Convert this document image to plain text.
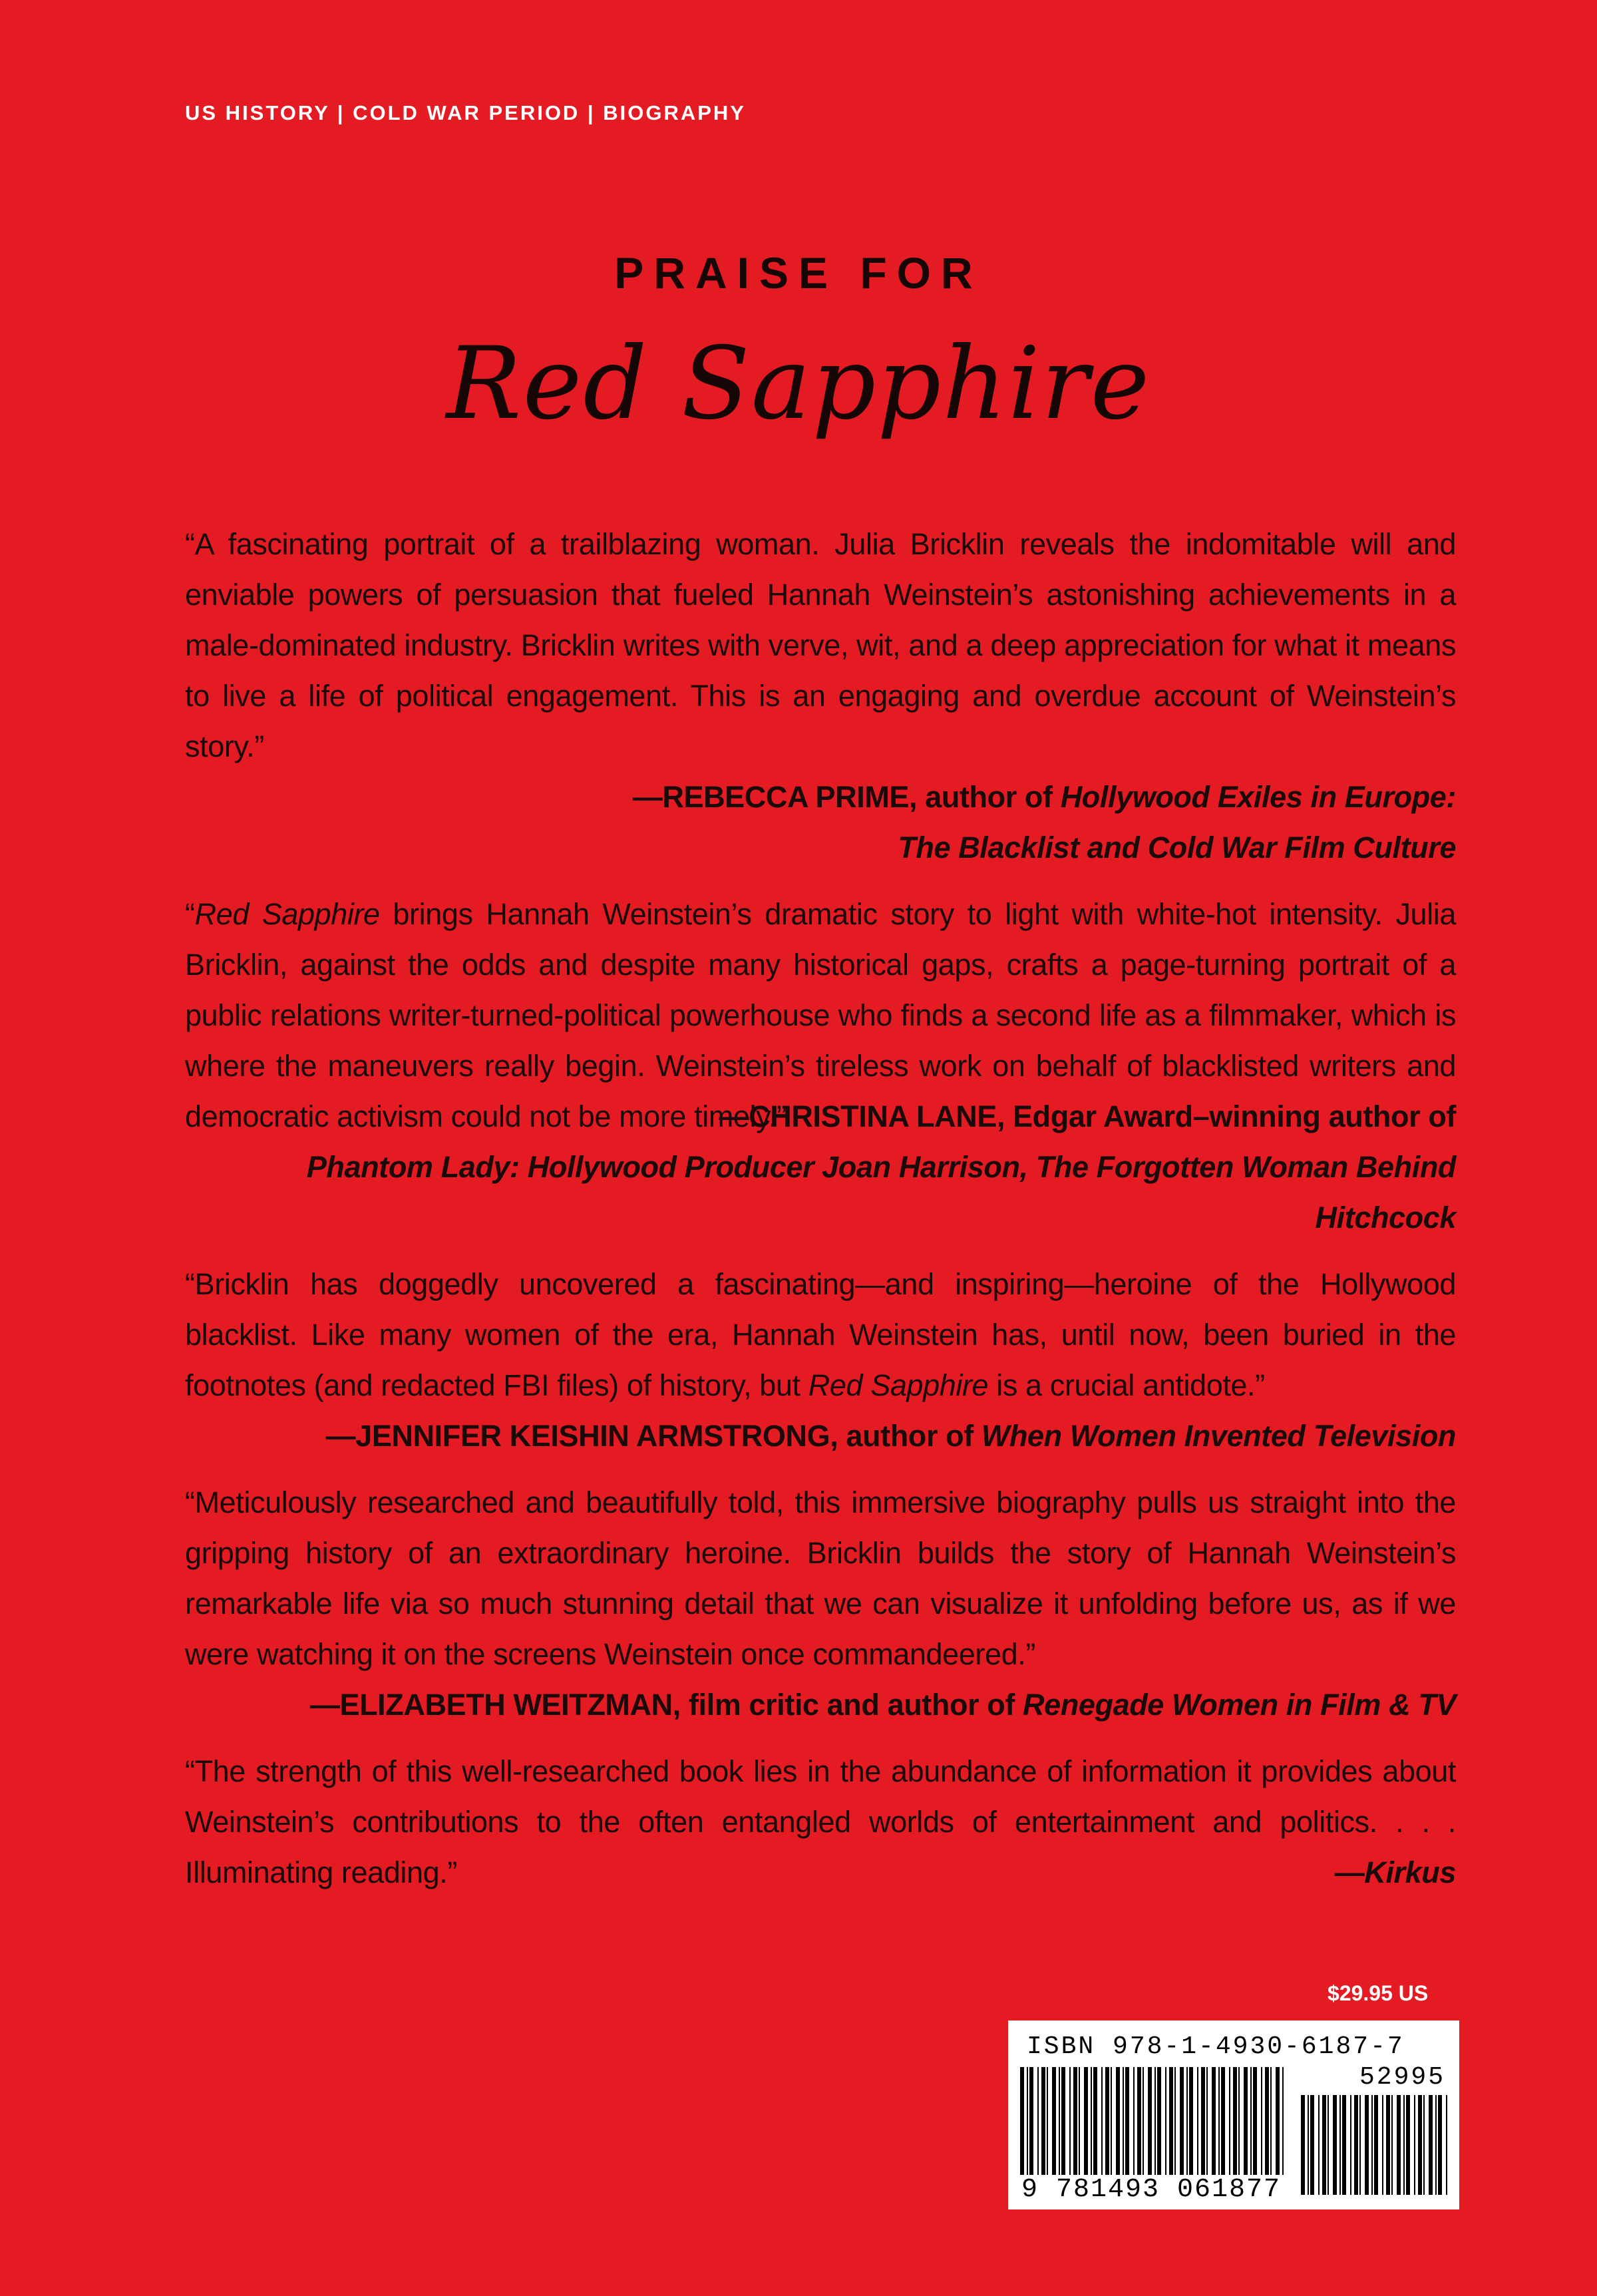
US HISTORY | COLD WAR PERIOD | BIOGRAPHY
PRAISE FOR
Red Sapphire

“A fascinating portrait of a trailblazing woman. Julia Bricklin reveals the indomitable will and enviable powers of persuasion that fueled Hannah Weinstein’s astonishing achievements in a male-dominated industry. Bricklin writes with verve, wit, and a deep appreciation for what it means to live a life of political engagement. This is an engaging and overdue account of Weinstein’s story.”

—REBECCA PRIME, author of Hollywood Exiles in Europe:
The Blacklist and Cold War Film Culture

“Red Sapphire brings Hannah Weinstein’s dramatic story to light with white-hot intensity. Julia Bricklin, against the odds and despite many historical gaps, crafts a page-turning portrait of a public relations writer-turned-political powerhouse who finds a second life as a filmmaker, which is where the maneuvers really begin. Weinstein’s tireless work on behalf of blacklisted writers and democratic activism could not be more timely.”

—CHRISTINA LANE, Edgar Award–winning author of
Phantom Lady: Hollywood Producer Joan Harrison, The Forgotten Woman Behind Hitchcock

“Bricklin has doggedly uncovered a fascinating—and inspiring—heroine of the Hollywood blacklist. Like many women of the era, Hannah Weinstein has, until now, been buried in the footnotes (and redacted FBI files) of history, but Red Sapphire is a crucial antidote.”

—JENNIFER KEISHIN ARMSTRONG, author of When Women Invented Television

“Meticulously researched and beautifully told, this immersive biography pulls us straight into the gripping history of an extraordinary heroine. Bricklin builds the story of Hannah Weinstein’s remarkable life via so much stunning detail that we can visualize it unfolding before us, as if we were watching it on the screens Weinstein once commandeered.”

—ELIZABETH WEITZMAN, film critic and author of Renegade Women in Film & TV

“The strength of this well-researched book lies in the abundance of information it provides about Weinstein’s contributions to the often entangled worlds of entertainment and politics. . . . Illuminating reading.”	—Kirkus
$29.95 US
ISBN 978-1-4930-6187-7
52995
9 781493 061877
